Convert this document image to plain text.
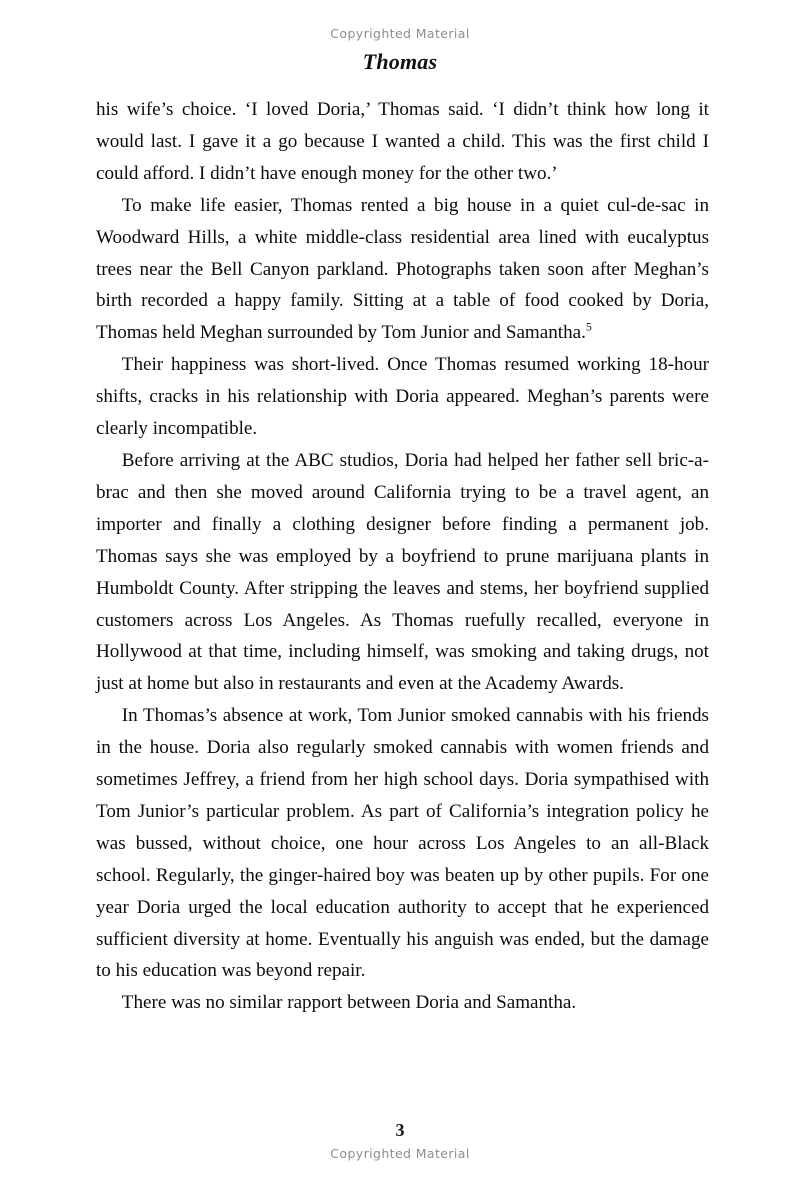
Copyrighted Material
Thomas

his wife’s choice. ‘I loved Doria,’ Thomas said. ‘I didn’t think how long it would last. I gave it a go because I wanted a child. This was the first child I could afford. I didn’t have enough money for the other two.’

To make life easier, Thomas rented a big house in a quiet cul-de-sac in Woodward Hills, a white middle-class residential area lined with eucalyptus trees near the Bell Canyon parkland. Photographs taken soon after Meghan’s birth recorded a happy family. Sitting at a table of food cooked by Doria, Thomas held Meghan surrounded by Tom Junior and Samantha.$^5$

Their happiness was short-lived. Once Thomas resumed working 18-hour shifts, cracks in his relationship with Doria appeared. Meghan’s parents were clearly incompatible.

Before arriving at the ABC studios, Doria had helped her father sell bric-a-brac and then she moved around California trying to be a travel agent, an importer and finally a clothing designer before finding a permanent job. Thomas says she was employed by a boyfriend to prune marijuana plants in Humboldt County. After stripping the leaves and stems, her boyfriend supplied customers across Los Angeles. As Thomas ruefully recalled, everyone in Hollywood at that time, including himself, was smoking and taking drugs, not just at home but also in restaurants and even at the Academy Awards.

In Thomas’s absence at work, Tom Junior smoked cannabis with his friends in the house. Doria also regularly smoked cannabis with women friends and sometimes Jeffrey, a friend from her high school days. Doria sympathised with Tom Junior’s particular problem. As part of California’s integration policy he was bussed, without choice, one hour across Los Angeles to an all-Black school. Regularly, the ginger-haired boy was beaten up by other pupils. For one year Doria urged the local education authority to accept that he experienced sufficient diversity at home. Eventually his anguish was ended, but the damage to his education was beyond repair.

There was no similar rapport between Doria and Samantha.

3
Copyrighted Material
